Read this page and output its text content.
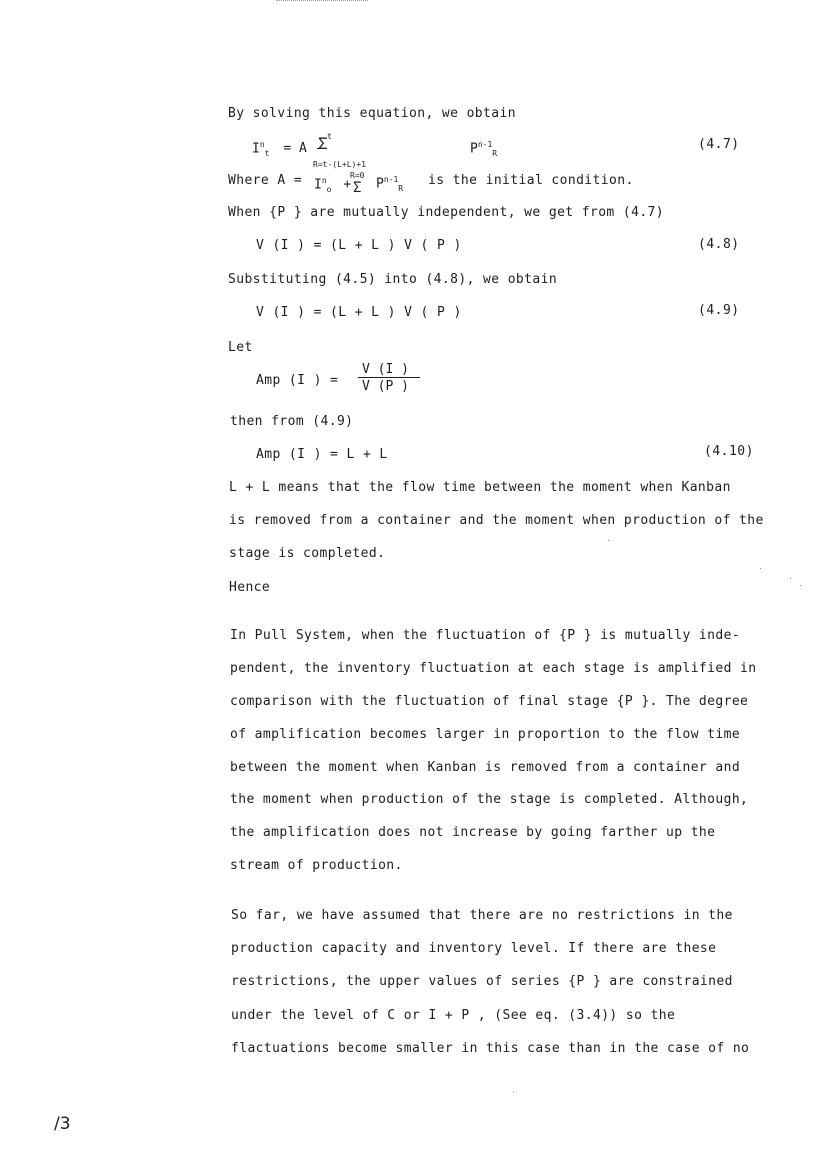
By solving this equation, we obtain
$I^n_t = A$ -
Σ t
R=t-(L+L)+1
$P^{n-1}_R$
(4.7)
Where $A = I^n_o$ +
R=0
Σ $P^{n-1}_R$
is the initial condition.
When {P } are mutually independent, we get from (4.7)
V (I ) = (L + L ) V ( P )	(4.8)
Substituting (4.5) into (4.8), we obtain
V (I ) = (L + L ) V ( P )	(4.9)
Let
Amp (I ) =
V (I )
V (P )
then from (4.9)
Amp (I ) = L + L	(4.10)
L + L means that the flow time between the moment when Kanban
is removed from a container and the moment when production of the
stage is completed.
Hence
In Pull System, when the fluctuation of {P } is mutually inde-
pendent, the inventory fluctuation at each stage is amplified in
comparison with the fluctuation of final stage {P }. The degree
of amplification becomes larger in proportion to the flow time
between the moment when Kanban is removed from a container and
the moment when production of the stage is completed. Although,
the amplification does not increase by going farther up the
stream of production.
So far, we have assumed that there are no restrictions in the
production capacity and inventory level. If there are these
restrictions, the upper values of series {P } are constrained
under the level of C or I + P , (See eq. (3.4)) so the
flactuations become smaller in this case than in the case of no
/3
